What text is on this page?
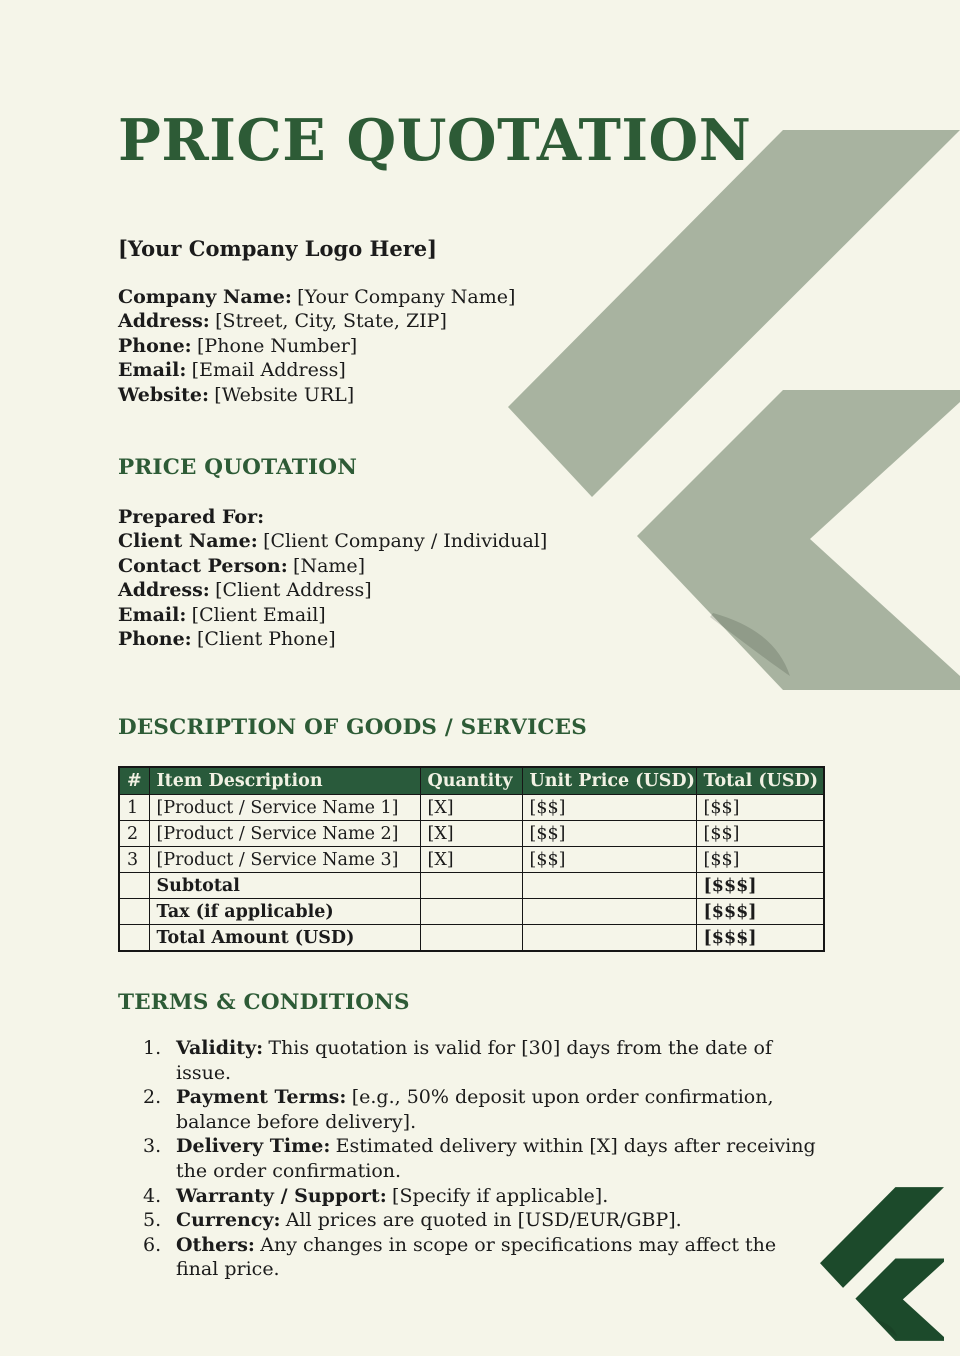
PRICE QUOTATION
[Your Company Logo Here]
Company Name: [Your Company Name]
Address: [Street, City, State, ZIP]
Phone: [Phone Number]
Email: [Email Address]
Website: [Website URL]
PRICE QUOTATION
Prepared For:
Client Name: [Client Company / Individual]
Contact Person: [Name]
Address: [Client Address]
Email: [Client Email]
Phone: [Client Phone]
DESCRIPTION OF GOODS / SERVICES
#	Item Description	Quantity	Unit Price (USD)	Total (USD)
1	[Product / Service Name 1]	[X]	[$$]	[$$]
2	[Product / Service Name 2]	[X]	[$$]	[$$]
3	[Product / Service Name 3]	[X]	[$$]	[$$]
	Subtotal			[$$$]
	Tax (if applicable)			[$$$]
	Total Amount (USD)			[$$$]
TERMS & CONDITIONS
1. Validity: This quotation is valid for [30] days from the date of issue.
2. Payment Terms: [e.g., 50% deposit upon order confirmation, balance before delivery].
3. Delivery Time: Estimated delivery within [X] days after receiving the order confirmation.
4. Warranty / Support: [Specify if applicable].
5. Currency: All prices are quoted in [USD/EUR/GBP].
6. Others: Any changes in scope or specifications may affect the final price.
